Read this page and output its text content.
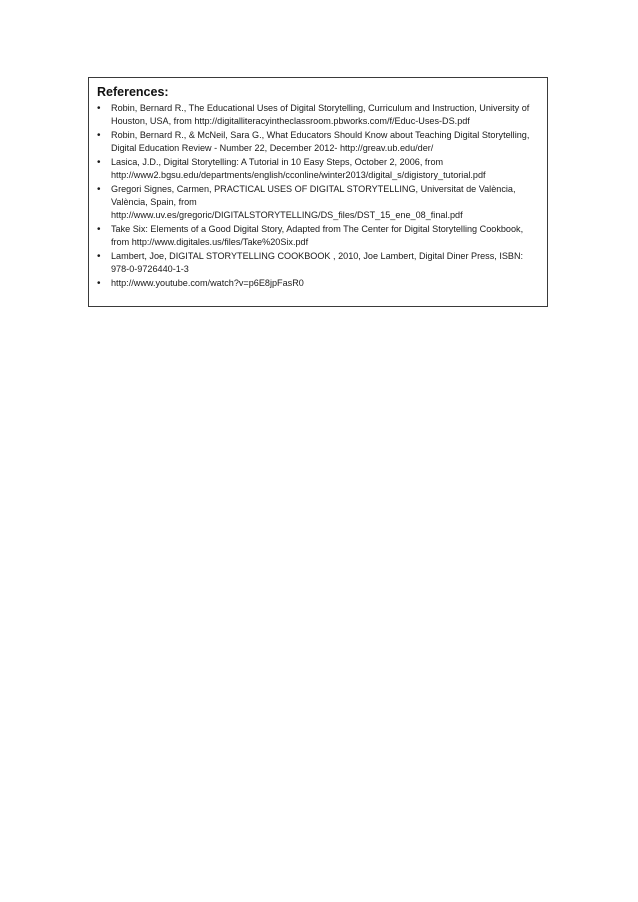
References:
• Robin, Bernard R., The Educational Uses of Digital Storytelling, Curriculum and Instruction, University of Houston, USA, from http://digitalliteracyintheclassroom.pbworks.com/f/Educ-Uses-DS.pdf
• Robin, Bernard R., & McNeil, Sara G., What Educators Should Know about Teaching Digital Storytelling, Digital Education Review - Number 22, December 2012- http://greav.ub.edu/der/
• Lasica, J.D., Digital Storytelling: A Tutorial in 10 Easy Steps, October 2, 2006, from http://www2.bgsu.edu/departments/english/cconline/winter2013/digital_s/digistory_tutorial.pdf
• Gregori Signes, Carmen, PRACTICAL USES OF DIGITAL STORYTELLING, Universitat de València, València, Spain, from http://www.uv.es/gregoric/DIGITALSTORYTELLING/DS_files/DST_15_ene_08_final.pdf
• Take Six: Elements of a Good Digital Story, Adapted from The Center for Digital Storytelling Cookbook, from http://www.digitales.us/files/Take%20Six.pdf
• Lambert, Joe, DIGITAL STORYTELLING COOKBOOK , 2010, Joe Lambert, Digital Diner Press, ISBN: 978-0-9726440-1-3
• http://www.youtube.com/watch?v=p6E8jpFasR0
